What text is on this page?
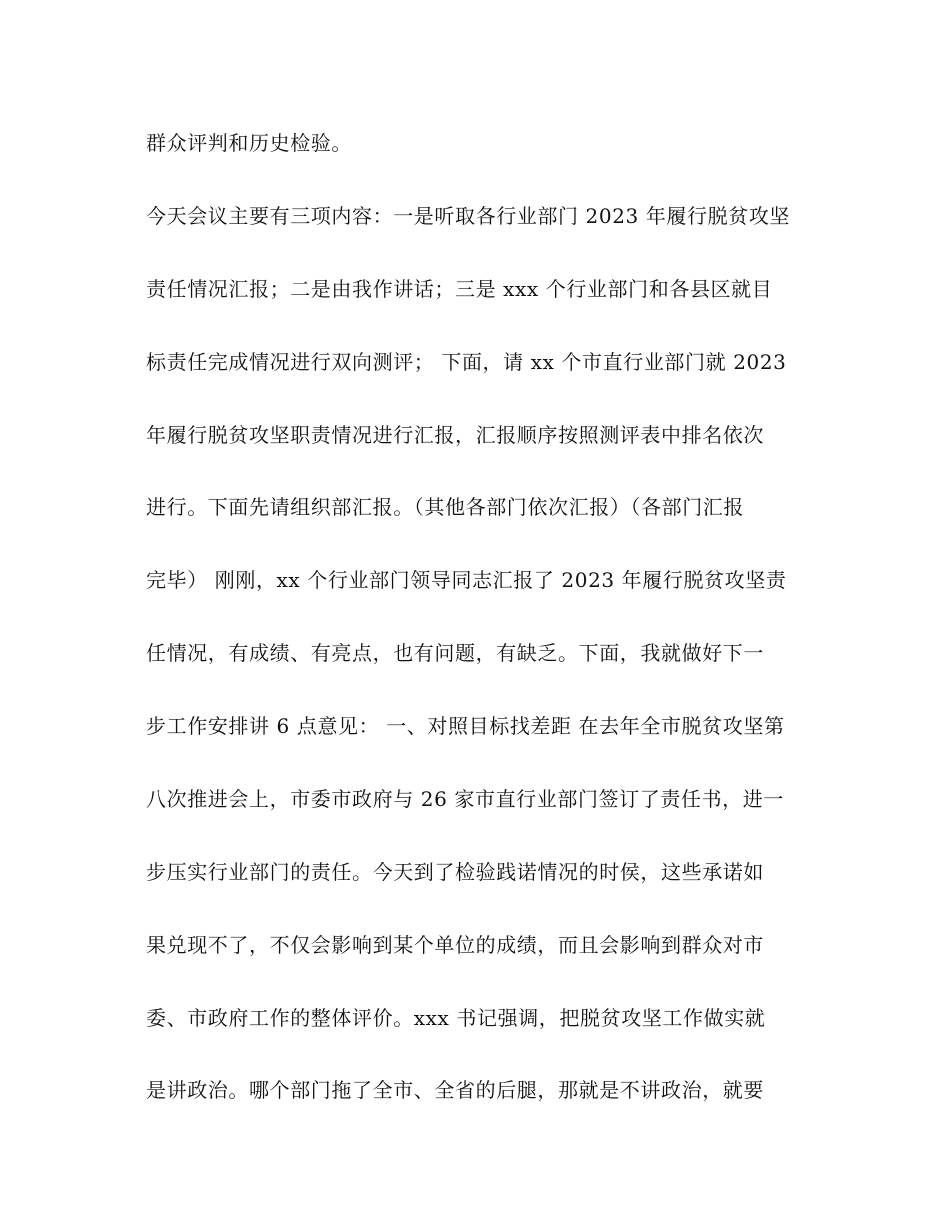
群众评判和历史检验。
今天会议主要有三项内容：一是听取各行业部门 2023 年履行脱贫攻坚
责任情况汇报；二是由我作讲话；三是 xxx 个行业部门和各县区就目
标责任完成情况进行双向测评； 下面，请 xx 个市直行业部门就 2023
年履行脱贫攻坚职责情况进行汇报，汇报顺序按照测评表中排名依次
进行。下面先请组织部汇报。（其他各部门依次汇报）（各部门汇报
完毕） 刚刚，xx 个行业部门领导同志汇报了 2023 年履行脱贫攻坚责
任情况，有成绩、有亮点，也有问题，有缺乏。下面，我就做好下一
步工作安排讲 6 点意见： 一、对照目标找差距 在去年全市脱贫攻坚第
八次推进会上，市委市政府与 26 家市直行业部门签订了责任书，进一
步压实行业部门的责任。今天到了检验践诺情况的时侯，这些承诺如
果兑现不了，不仅会影响到某个单位的成绩，而且会影响到群众对市
委、市政府工作的整体评价。xxx 书记强调，把脱贫攻坚工作做实就
是讲政治。哪个部门拖了全市、全省的后腿，那就是不讲政治，就要
